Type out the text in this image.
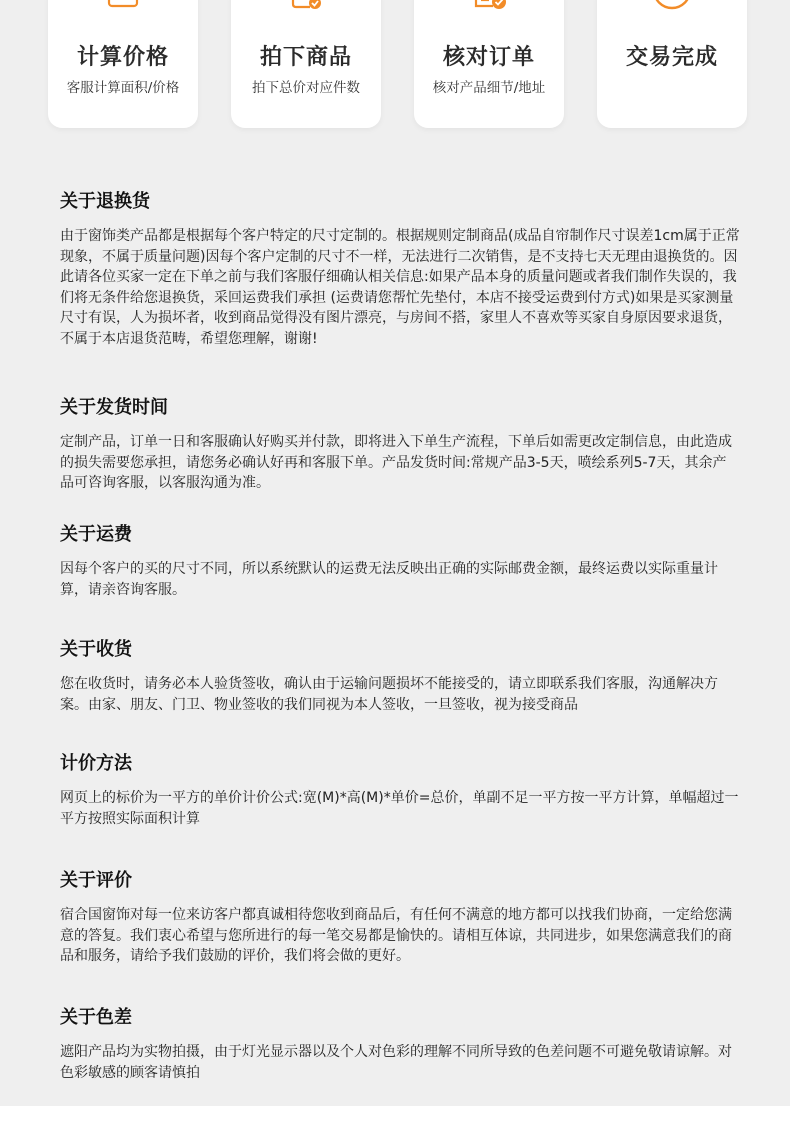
计算价格
客服计算面积/价格
拍下商品
拍下总价对应件数
核对订单
核对产品细节/地址
交易完成
关于退换货

由于窗饰类产品都是根据每个客户特定的尺寸定制的。根据规则定制商品(成品自帘制作尺寸误差1cm属于正常现象，不属于质量问题)因每个客户定制的尺寸不一样，无法进行二次销售，是不支持七天无理由退换货的。因此请各位买家一定在下单之前与我们客服仔细确认相关信息:如果产品本身的质量问题或者我们制作失误的，我们将无条件给您退换货，采回运费我们承担 (运费请您帮忙先垫付，本店不接受运费到付方式)如果是买家测量尺寸有误，人为损坏者，收到商品觉得没有图片漂亮，与房间不搭，家里人不喜欢等买家自身原因要求退货，不属于本店退货范畴，希望您理解，谢谢!

关于发货时间

定制产品，订单一日和客服确认好购买并付款，即将进入下单生产流程，下单后如需更改定制信息，由此造成的损失需要您承担，请您务必确认好再和客服下单。产品发货时间:常规产品3-5天，喷绘系列5-7天，其余产品可咨询客服，以客服沟通为准。

关于运费

因每个客户的买的尺寸不同，所以系统默认的运费无法反映出正确的实际邮费金额，最终运费以实际重量计算，请亲咨询客服。

关于收货

您在收货时，请务必本人验货签收，确认由于运输问题损坏不能接受的，请立即联系我们客服，沟通解决方案。由家、朋友、门卫、物业签收的我们同视为本人签收，一旦签收，视为接受商品

计价方法

网页上的标价为一平方的单价计价公式:宽(M)*高(M)*单价=总价，单副不足一平方按一平方计算，单幅超过一平方按照实际面积计算

关于评价

宿合国窗饰对每一位来访客户都真诚相待您收到商品后，有任何不满意的地方都可以找我们协商，一定给您满意的答复。我们衷心希望与您所进行的每一笔交易都是愉快的。请相互体谅，共同进步，如果您满意我们的商品和服务，请给予我们鼓励的评价，我们将会做的更好。

关于色差

遮阳产品均为实物拍摄，由于灯光显示器以及个人对色彩的理解不同所导致的色差问题不可避免敬请谅解。对色彩敏感的顾客请慎拍
